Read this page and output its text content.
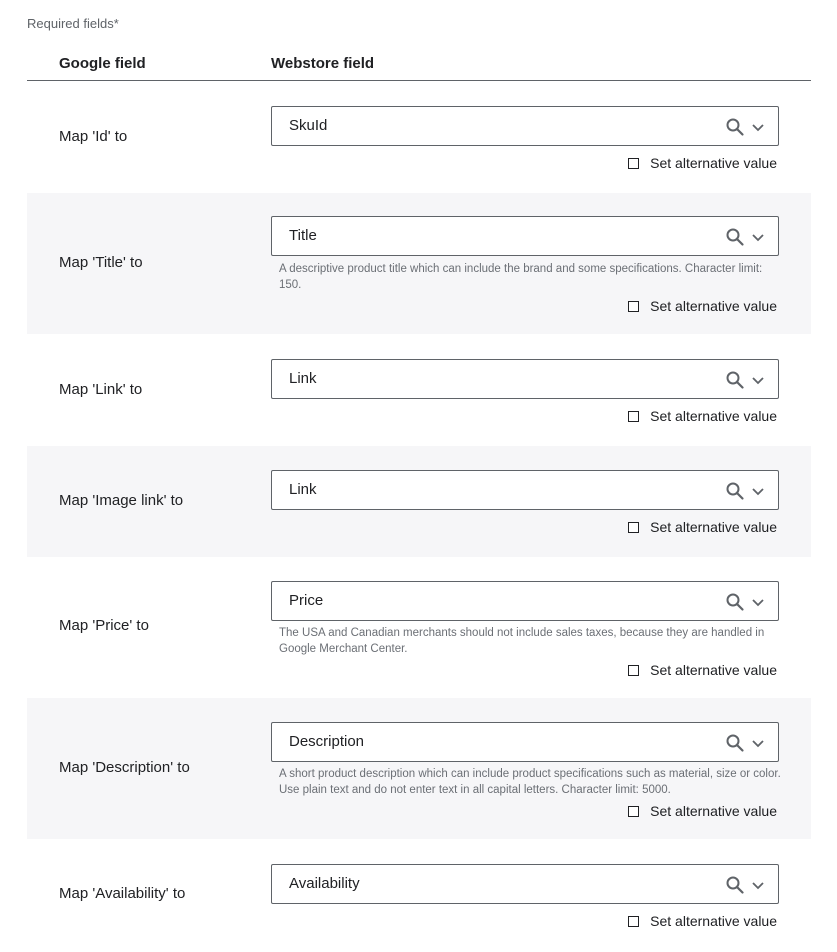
Required fields*
Google field	Webstore field
Map 'Id' to
SkuId
Set alternative value
Map 'Title' to
Title
A descriptive product title which can include the brand and some specifications. Character limit: 150.
Set alternative value
Map 'Link' to
Link
Set alternative value
Map 'Image link' to
Link
Set alternative value
Map 'Price' to
Price
The USA and Canadian merchants should not include sales taxes, because they are handled in Google Merchant Center.
Set alternative value
Map 'Description' to
Description
A short product description which can include product specifications such as material, size or color. Use plain text and do not enter text in all capital letters. Character limit: 5000.
Set alternative value
Map 'Availability' to
Availability
Set alternative value
